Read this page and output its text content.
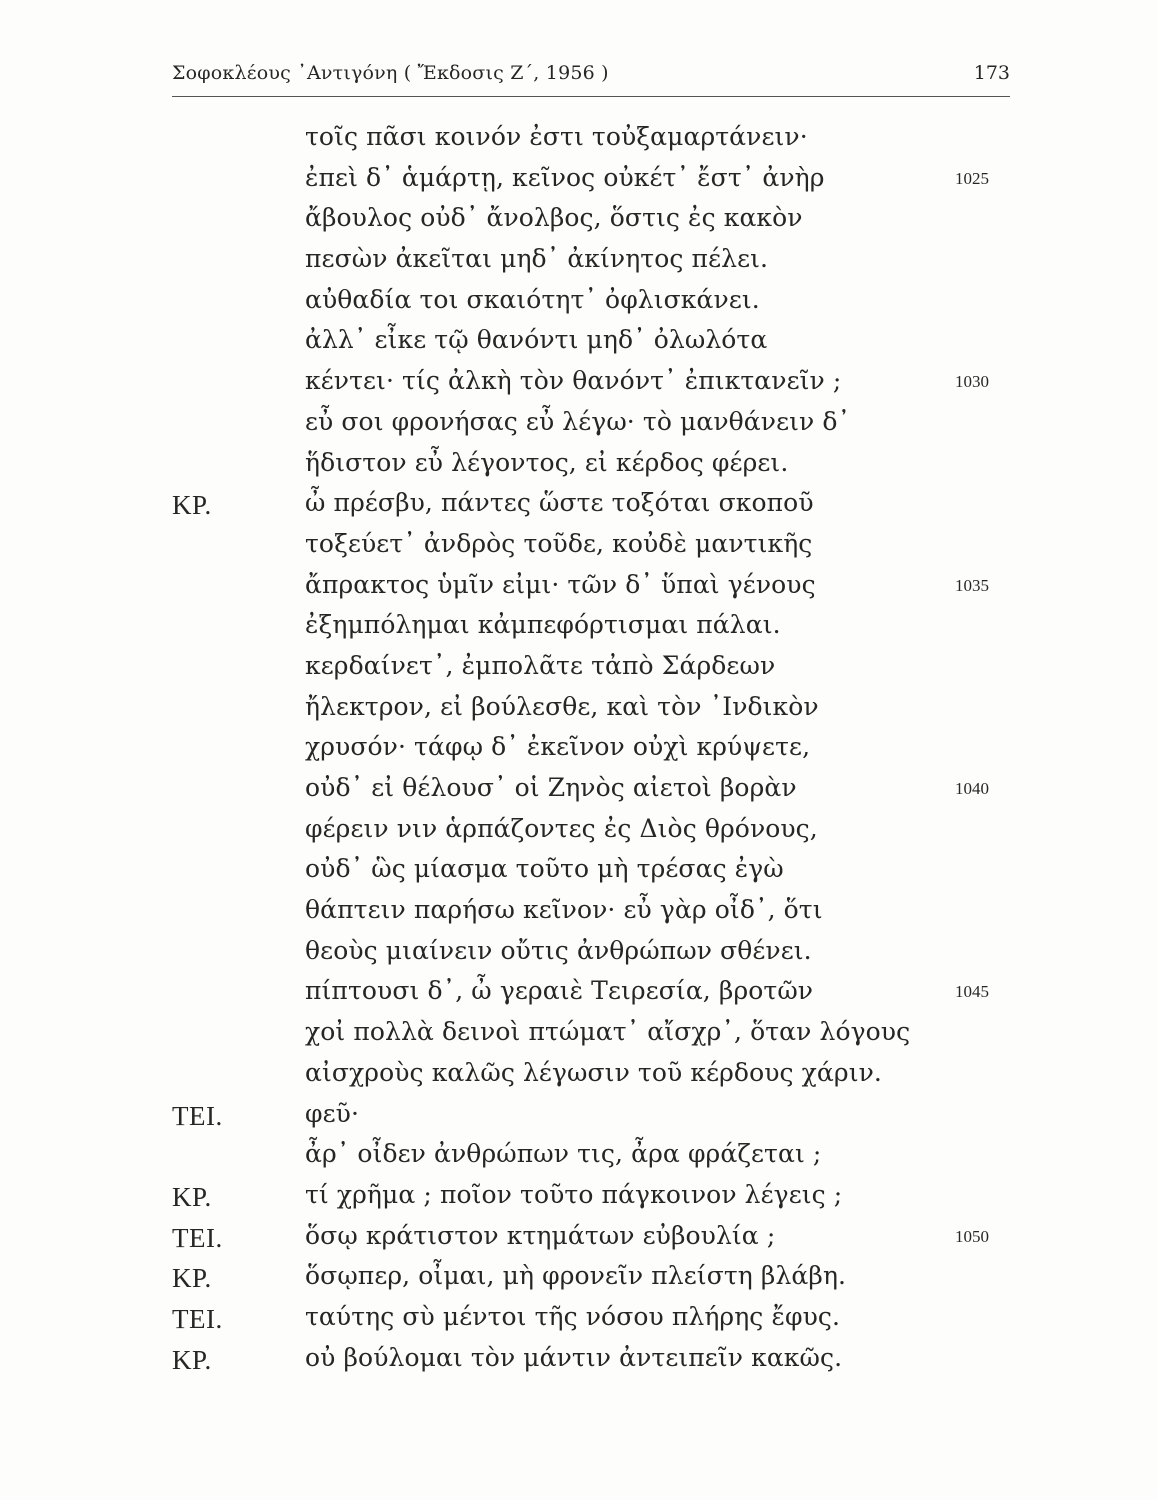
Σοφοκλέους ᾿Αντιγόνη ( Ἔκδοσις Ζ΄, 1956 )	173
τοῖς πᾶσι κοινόν ἐστι τοὐξαμαρτάνειν·
ἐπεὶ δ᾿ ἁμάρτῃ, κεῖνος οὐκέτ᾿ ἔστ᾿ ἀνὴρ	1025
ἄβουλος οὐδ᾿ ἄνολβος, ὅστις ἐς κακὸν
πεσὼν ἀκεῖται μηδ᾿ ἀκίνητος πέλει.
αὐθαδία τοι σκαιότητ᾿ ὀφλισκάνει.
ἀλλ᾿ εἶκε τῷ θανόντι μηδ᾿ ὀλωλότα
κέντει· τίς ἀλκὴ τὸν θανόντ᾿ ἐπικτανεῖν ;	1030
εὖ σοι φρονήσας εὖ λέγω· τὸ μανθάνειν δ᾿
ἥδιστον εὖ λέγοντος, εἰ κέρδος φέρει.
ΚΡ.	ὦ πρέσβυ, πάντες ὥστε τοξόται σκοποῦ
τοξεύετ᾿ ἀνδρὸς τοῦδε, κοὐδὲ μαντικῆς
ἄπρακτος ὑμῖν εἰμι· τῶν δ᾿ ὕπαὶ γένους	1035
ἐξημπόλημαι κἀμπεφόρτισμαι πάλαι.
κερδαίνετ᾿, ἐμπολᾶτε τἀπὸ Σάρδεων
ἤλεκτρον, εἰ βούλεσθε, καὶ τὸν ᾿Ινδικὸν
χρυσόν· τάφῳ δ᾿ ἐκεῖνον οὐχὶ κρύψετε,
οὐδ᾿ εἰ θέλουσ᾿ οἱ Ζηνὸς αἰετοὶ βορὰν	1040
φέρειν νιν ἁρπάζοντες ἐς Διὸς θρόνους,
οὐδ᾿ ὣς μίασμα τοῦτο μὴ τρέσας ἐγὼ
θάπτειν παρήσω κεῖνον· εὖ γὰρ οἶδ᾿, ὅτι
θεοὺς μιαίνειν οὔτις ἀνθρώπων σθένει.
πίπτουσι δ᾿, ὦ γεραιὲ Τειρεσία, βροτῶν	1045
χοἰ πολλὰ δεινοὶ πτώματ᾿ αἴσχρ᾿, ὅταν λόγους
αἰσχροὺς καλῶς λέγωσιν τοῦ κέρδους χάριν.
ΤΕΙ.	φεῦ·
ἆρ᾿ οἶδεν ἀνθρώπων τις, ἆρα φράζεται ;
ΚΡ.	τί χρῆμα ; ποῖον τοῦτο πάγκοινον λέγεις ;
ΤΕΙ.	ὅσῳ κράτιστον κτημάτων εὐβουλία ;	1050
ΚΡ.	ὅσῳπερ, οἶμαι, μὴ φρονεῖν πλείστη βλάβη.
ΤΕΙ.	ταύτης σὺ μέντοι τῆς νόσου πλήρης ἔφυς.
ΚΡ.	οὐ βούλομαι τὸν μάντιν ἀντειπεῖν κακῶς.
